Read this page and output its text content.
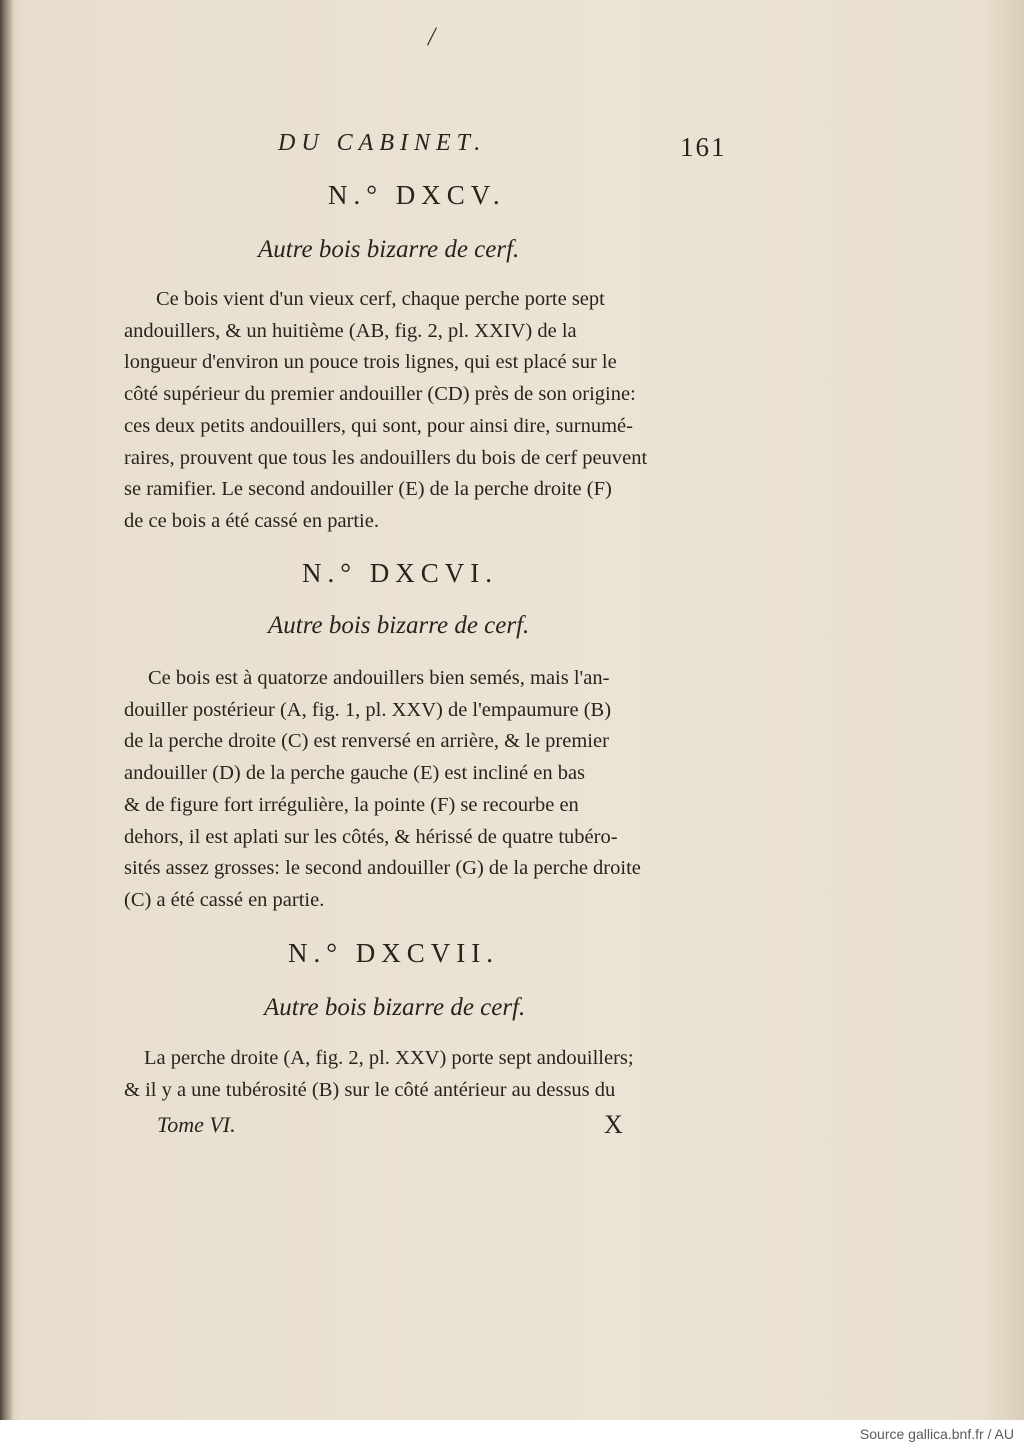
/
DU CABINET.	161
N.° DXCV.
Autre bois bizarre de cerf.
Ce bois vient d'un vieux cerf, chaque perche porte sept
andouillers, & un huitième (AB, fig. 2, pl. XXIV) de la
longueur d'environ un pouce trois lignes, qui est placé sur le
côté supérieur du premier andouiller (CD) près de son origine:
ces deux petits andouillers, qui sont, pour ainsi dire, surnumé-
raires, prouvent que tous les andouillers du bois de cerf peuvent
se ramifier. Le second andouiller (E) de la perche droite (F)
de ce bois a été cassé en partie.
N.° DXCVI.
Autre bois bizarre de cerf.
Ce bois est à quatorze andouillers bien semés, mais l'an-
douiller postérieur (A, fig. 1, pl. XXV) de l'empaumure (B)
de la perche droite (C) est renversé en arrière, & le premier
andouiller (D) de la perche gauche (E) est incliné en bas
& de figure fort irrégulière, la pointe (F) se recourbe en
dehors, il est aplati sur les côtés, & hérissé de quatre tubéro-
sités assez grosses: le second andouiller (G) de la perche droite
(C) a été cassé en partie.
N.° DXCVII.
Autre bois bizarre de cerf.
La perche droite (A, fig. 2, pl. XXV) porte sept andouillers;
& il y a une tubérosité (B) sur le côté antérieur au dessus du
Tome VI.	X
Source gallica.bnf.fr / AU
